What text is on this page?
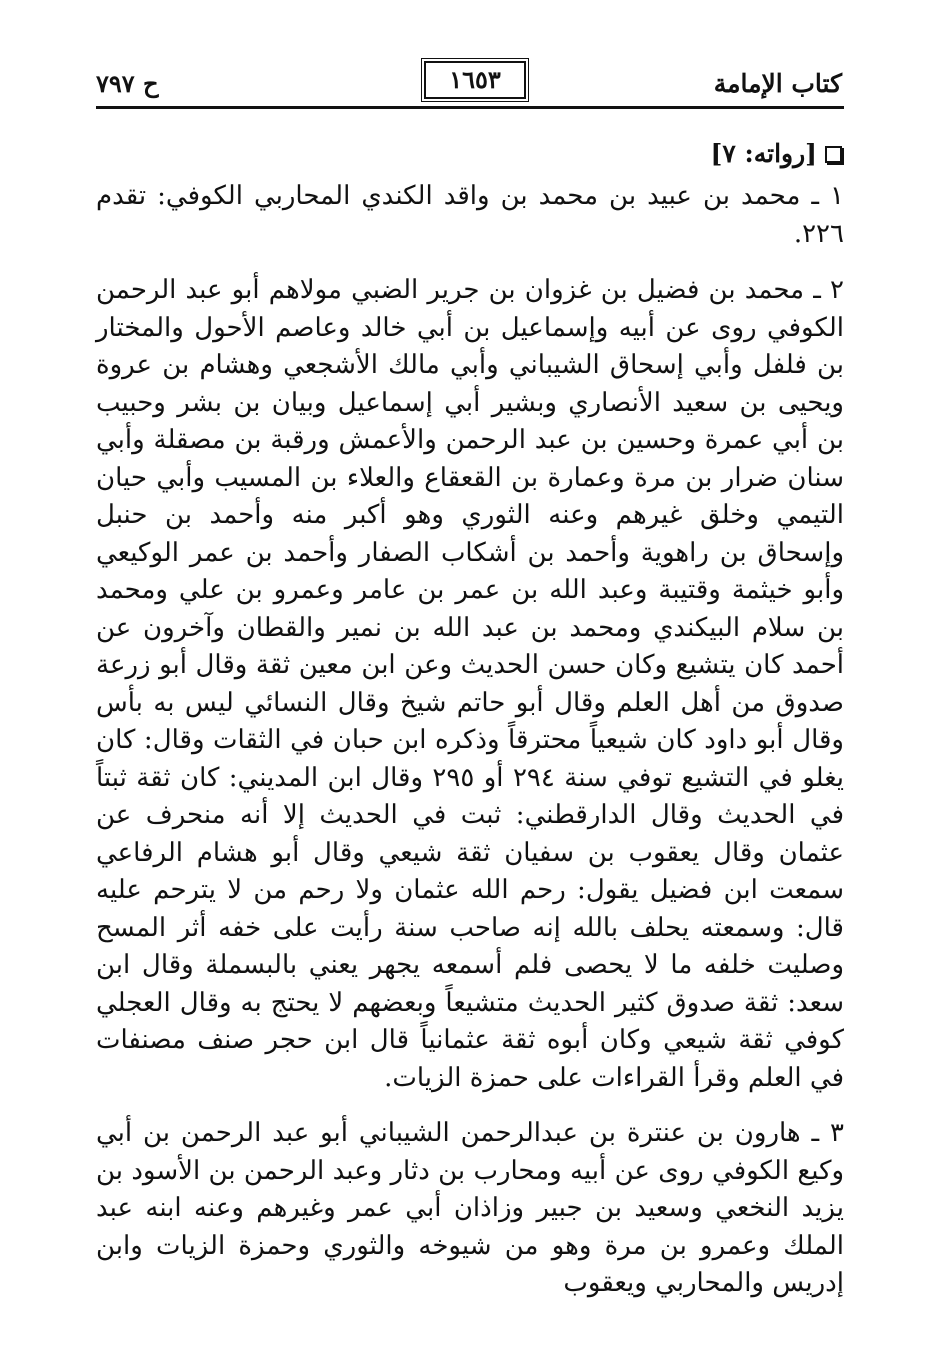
كتاب الإمامة
١٦٥٣
ح ٧٩٧
[رواته: ٧]

١ ـ محمد بن عبيد بن محمد بن واقد الكندي المحاربي الكوفي: تقدم ٢٢٦.

٢ ـ محمد بن فضيل بن غزوان بن جرير الضبي مولاهم أبو عبد الرحمن الكوفي روى عن أبيه وإسماعيل بن أبي خالد وعاصم الأحول والمختار بن فلفل وأبي إسحاق الشيباني وأبي مالك الأشجعي وهشام بن عروة ويحيى بن سعيد الأنصاري وبشير أبي إسماعيل وبيان بن بشر وحبيب بن أبي عمرة وحسين بن عبد الرحمن والأعمش ورقبة بن مصقلة وأبي سنان ضرار بن مرة وعمارة بن القعقاع والعلاء بن المسيب وأبي حيان التيمي وخلق غيرهم وعنه الثوري وهو أكبر منه وأحمد بن حنبل وإسحاق بن راهوية وأحمد بن أشكاب الصفار وأحمد بن عمر الوكيعي وأبو خيثمة وقتيبة وعبد الله بن عمر بن عامر وعمرو بن علي ومحمد بن سلام البيكندي ومحمد بن عبد الله بن نمير والقطان وآخرون عن أحمد كان يتشيع وكان حسن الحديث وعن ابن معين ثقة وقال أبو زرعة صدوق من أهل العلم وقال أبو حاتم شيخ وقال النسائي ليس به بأس وقال أبو داود كان شيعياً محترقاً وذكره ابن حبان في الثقات وقال: كان يغلو في التشيع توفي سنة ٢٩٤ أو ٢٩٥ وقال ابن المديني: كان ثقة ثبتاً في الحديث وقال الدارقطني: ثبت في الحديث إلا أنه منحرف عن عثمان وقال يعقوب بن سفيان ثقة شيعي وقال أبو هشام الرفاعي سمعت ابن فضيل يقول: رحم الله عثمان ولا رحم من لا يترحم عليه قال: وسمعته يحلف بالله إنه صاحب سنة رأيت على خفه أثر المسح وصليت خلفه ما لا يحصى فلم أسمعه يجهر يعني بالبسملة وقال ابن سعد: ثقة صدوق كثير الحديث متشيعاً وبعضهم لا يحتج به وقال العجلي كوفي ثقة شيعي وكان أبوه ثقة عثمانياً قال ابن حجر صنف مصنفات في العلم وقرأ القراءات على حمزة الزيات.

٣ ـ هارون بن عنترة بن عبدالرحمن الشيباني أبو عبد الرحمن بن أبي وكيع الكوفي روى عن أبيه ومحارب بن دثار وعبد الرحمن بن الأسود بن يزيد النخعي وسعيد بن جبير وزاذان أبي عمر وغيرهم وعنه ابنه عبد الملك وعمرو بن مرة وهو من شيوخه والثوري وحمزة الزيات وابن إدريس والمحاربي ويعقوب
